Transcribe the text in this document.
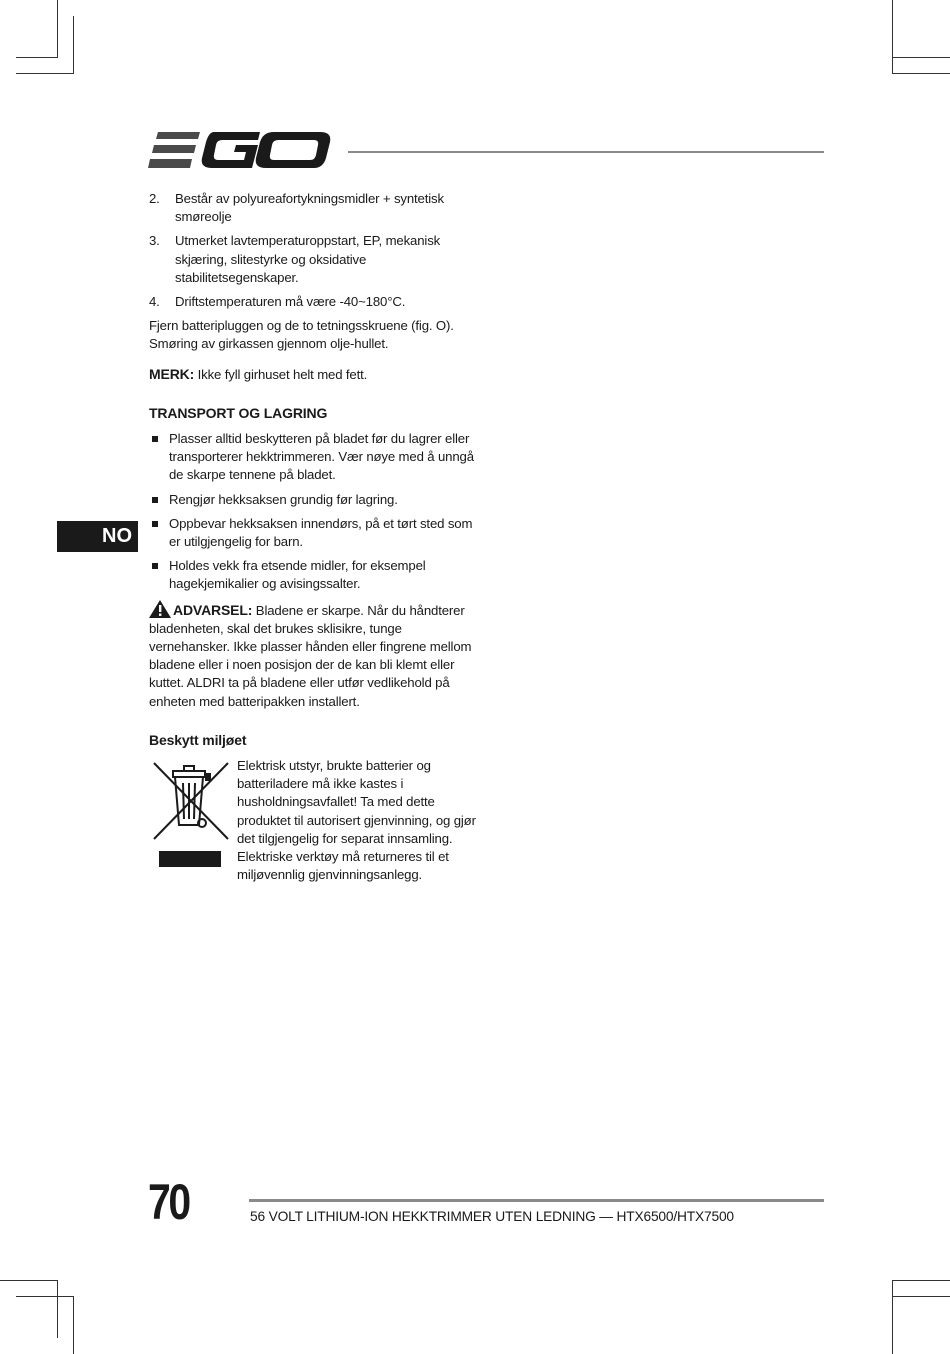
NO
2.	Består av polyureafortykningsmidler + syntetisk smøreolje
3.	Utmerket lavtemperaturoppstart, EP, mekanisk skjæring, slitestyrke og oksidative stabilitetsegenskaper.
4.	Driftstemperaturen må være -40~180°C.

Fjern batteripluggen og de to tetningsskruene (fig. O). Smøring av girkassen gjennom olje-hullet.

MERK: Ikke fyll girhuset helt med fett.

TRANSPORT OG LAGRING
Plasser alltid beskytteren på bladet før du lagrer eller transporterer hekktrimmeren. Vær nøye med å unngå de skarpe tennene på bladet.
Rengjør hekksaksen grundig før lagring.
Oppbevar hekksaksen innendørs, på et tørt sted som er utilgjengelig for barn.
Holdes vekk fra etsende midler, for eksempel hagekjemikalier og avisingssalter.

ADVARSEL: Bladene er skarpe. Når du håndterer bladenheten, skal det brukes sklisikre, tunge vernehansker. Ikke plasser hånden eller fingrene mellom bladene eller i noen posisjon der de kan bli klemt eller kuttet. ALDRI ta på bladene eller utfør vedlikehold på enheten med batteripakken installert.

Beskytt miljøet

Elektrisk utstyr, brukte batterier og batteriladere må ikke kastes i husholdningsavfallet! Ta med dette produktet til autorisert gjenvinning, og gjør det tilgjengelig for separat innsamling. Elektriske verktøy må returneres til et miljøvennlig gjenvinningsanlegg.

70	56 VOLT LITHIUM-ION HEKKTRIMMER UTEN LEDNING — HTX6500/HTX7500
